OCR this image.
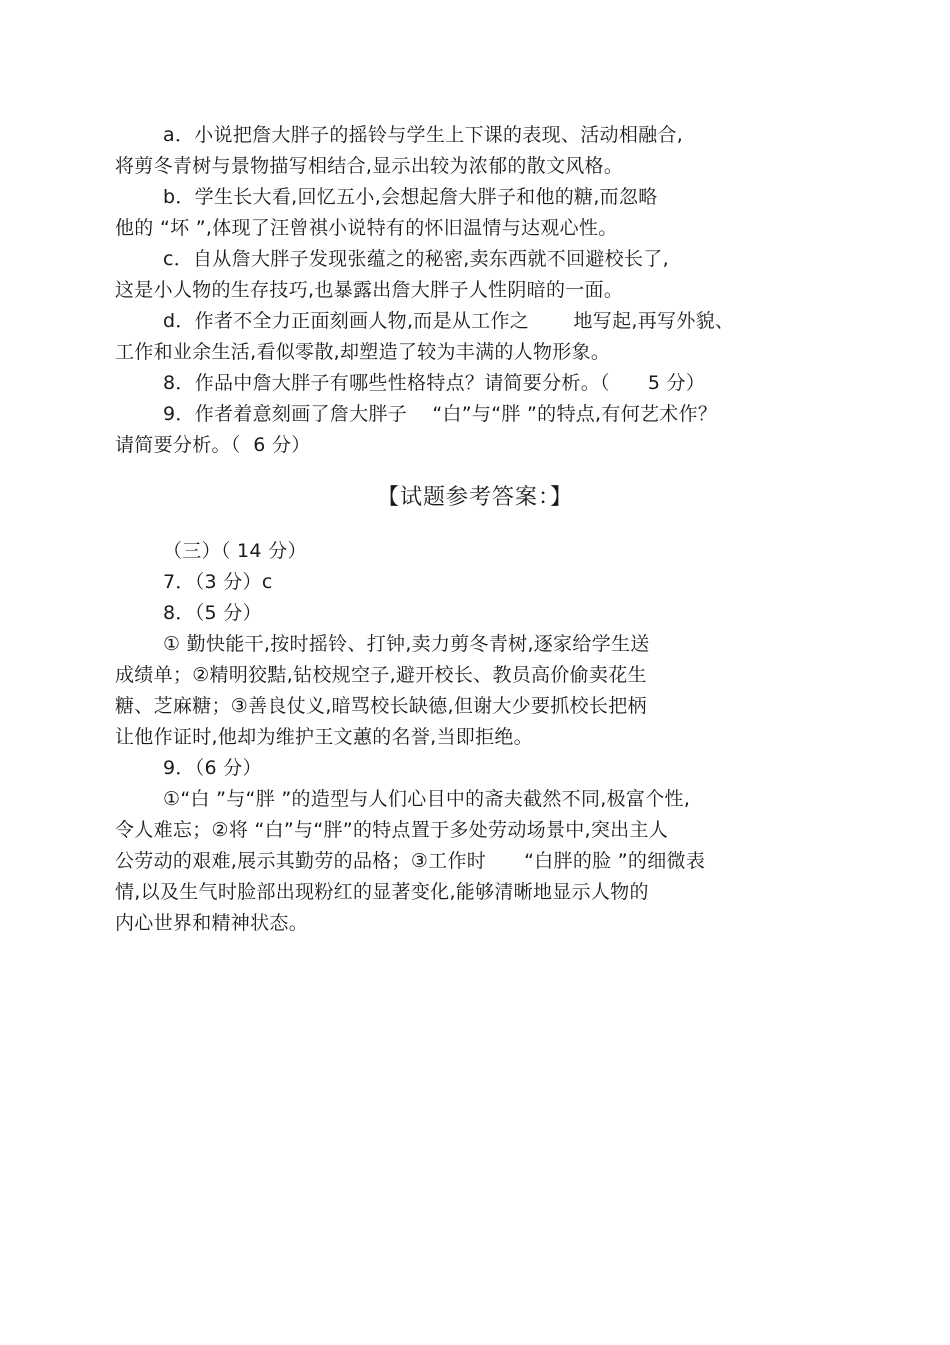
a．小说把詹大胖子的摇铃与学生上下课的表现、活动相融合,
将剪冬青树与景物描写相结合,显示出较为浓郁的散文风格。
b．学生长大看,回忆五小,会想起詹大胖子和他的糖,而忽略
他的 “坏 ”,体现了汪曾祺小说特有的怀旧温情与达观心性。
c．自从詹大胖子发现张蕴之的秘密,卖东西就不回避校长了,
这是小人物的生存技巧,也暴露出詹大胖子人性阴暗的一面。
d．作者不全力正面刻画人物,而是从工作之       地写起,再写外貌、
工作和业余生活,看似零散,却塑造了较为丰满的人物形象。
8．作品中詹大胖子有哪些性格特点？请简要分析。（      5 分）
9．作者着意刻画了詹大胖子    “白”与“胖 ”的特点,有何艺术作？
请简要分析。（  6 分）
【试题参考答案：】
（三）（ 14 分）
7．（3 分）c
8．（5 分）
① 勤快能干,按时摇铃、打钟,卖力剪冬青树,逐家给学生送
成绩单；②精明狡黠,钻校规空子,避开校长、教员高价偷卖花生
糖、芝麻糖；③善良仗义,暗骂校长缺德,但谢大少要抓校长把柄
让他作证时,他却为维护王文蕙的名誉,当即拒绝。
9．（6 分）
①“白 ”与“胖 ”的造型与人们心目中的斋夫截然不同,极富个性,
令人难忘；②将 “白”与“胖”的特点置于多处劳动场景中,突出主人
公劳动的艰难,展示其勤劳的品格；③工作时      “白胖的脸 ”的细微表
情,以及生气时脸部出现粉红的显著变化,能够清晰地显示人物的
内心世界和精神状态。
